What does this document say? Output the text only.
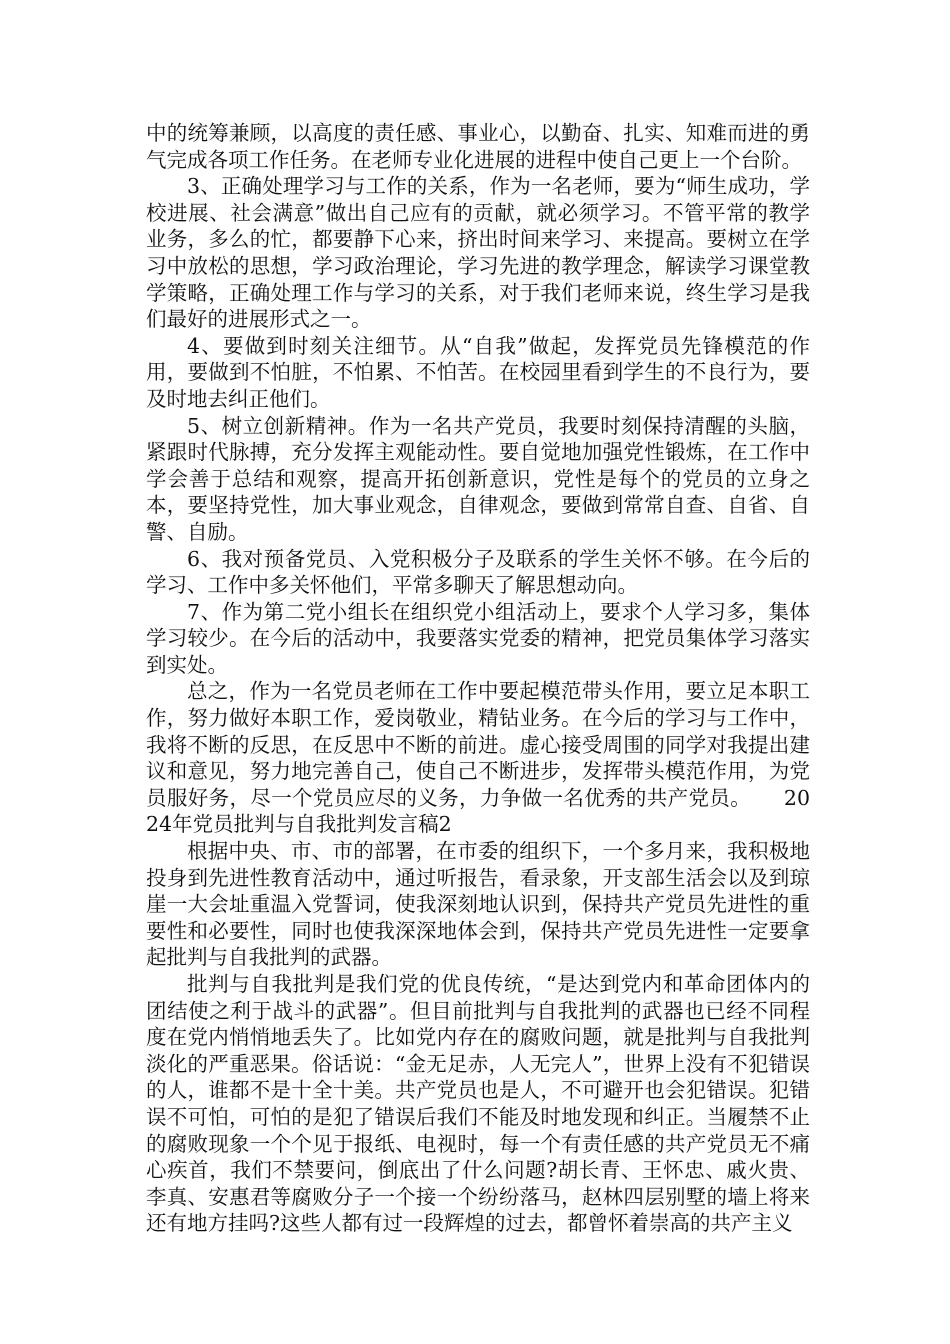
中的统筹兼顾，以高度的责任感、事业心，以勤奋、扎实、知难而进的勇气完成各项工作任务。在老师专业化进展的进程中使自己更上一个台阶。

3、正确处理学习与工作的关系，作为一名老师，要为“师生成功，学校进展、社会满意”做出自己应有的贡献，就必须学习。不管平常的教学业务，多么的忙，都要静下心来，挤出时间来学习、来提高。要树立在学习中放松的思想，学习政治理论，学习先进的教学理念，解读学习课堂教学策略，正确处理工作与学习的关系，对于我们老师来说，终生学习是我们最好的进展形式之一。

4、要做到时刻关注细节。从“自我”做起，发挥党员先锋模范的作用，要做到不怕脏，不怕累、不怕苦。在校园里看到学生的不良行为，要及时地去纠正他们。

5、树立创新精神。作为一名共产党员，我要时刻保持清醒的头脑，紧跟时代脉搏，充分发挥主观能动性。要自觉地加强党性锻炼，在工作中学会善于总结和观察，提高开拓创新意识，党性是每个的党员的立身之本，要坚持党性，加大事业观念，自律观念，要做到常常自查、自省、自警、自励。

6、我对预备党员、入党积极分子及联系的学生关怀不够。在今后的学习、工作中多关怀他们，平常多聊天了解思想动向。

7、作为第二党小组长在组织党小组活动上，要求个人学习多，集体学习较少。在今后的活动中，我要落实党委的精神，把党员集体学习落实到实处。

总之，作为一名党员老师在工作中要起模范带头作用，要立足本职工作，努力做好本职工作，爱岗敬业，精钻业务。在今后的学习与工作中，我将不断的反思，在反思中不断的前进。虚心接受周围的同学对我提出建议和意见，努力地完善自己，使自己不断进步，发挥带头模范作用，为党员服好务，尽一个党员应尽的义务，力争做一名优秀的共产党员。 2024年党员批判与自我批判发言稿2

根据中央、市、市的部署，在市委的组织下，一个多月来，我积极地投身到先进性教育活动中，通过听报告，看录象，开支部生活会以及到琼崖一大会址重温入党誓词，使我深刻地认识到，保持共产党员先进性的重要性和必要性，同时也使我深深地体会到，保持共产党员先进性一定要拿起批判与自我批判的武器。

批判与自我批判是我们党的优良传统，“是达到党内和革命团体内的团结使之利于战斗的武器”。但目前批判与自我批判的武器也已经不同程度在党内悄悄地丢失了。比如党内存在的腐败问题，就是批判与自我批判淡化的严重恶果。俗话说：“金无足赤，人无完人”，世界上没有不犯错误的人，谁都不是十全十美。共产党员也是人，不可避开也会犯错误。犯错误不可怕，可怕的是犯了错误后我们不能及时地发现和纠正。当履禁不止的腐败现象一个个见于报纸、电视时，每一个有责任感的共产党员无不痛心疾首，我们不禁要问，倒底出了什么问题?胡长青、王怀忠、戚火贵、李真、安惠君等腐败分子一个接一个纷纷落马，赵林四层别墅的墙上将来还有地方挂吗?这些人都有过一段辉煌的过去，都曾怀着崇高的共产主义
